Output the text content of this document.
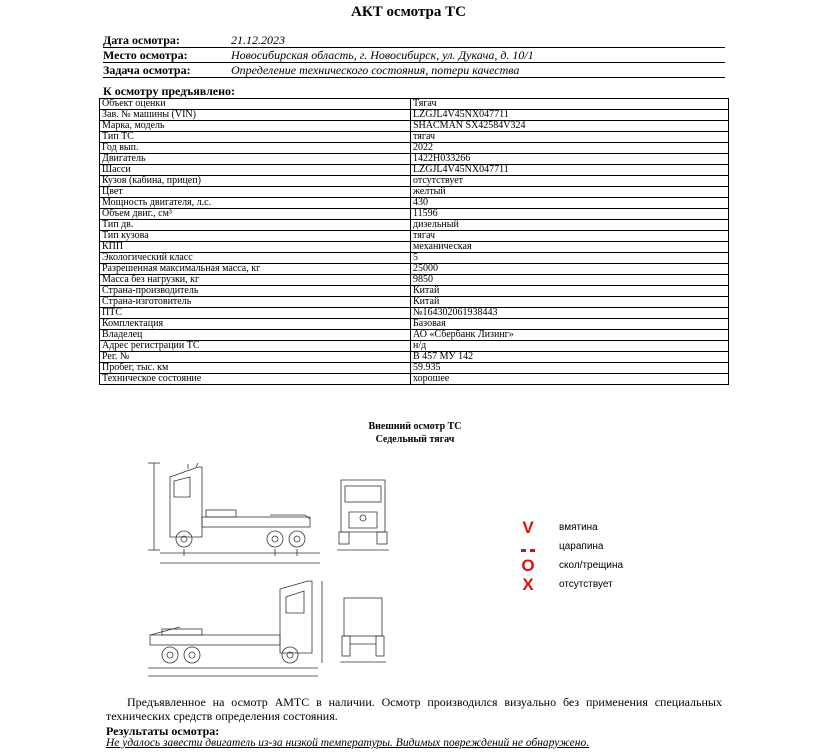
АКТ осмотра ТС
Дата осмотра:	21.12.2023
Место осмотра:	Новосибирская область, г. Новосибирск, ул. Дукача, д. 10/1
Задача осмотра:	Определение технического состояния, потери качества
К осмотру предъявлено:
Объект оценки	Тягач
Зав. № машины (VIN)	LZGJL4V45NX047711
Марка, модель	SHACMAN SX42584V324
Тип ТС	тягач
Год вып.	2022
Двигатель	1422H033266
Шасси	LZGJL4V45NX047711
Кузов (кабина, прицеп)	отсутствует
Цвет	желтый
Мощность двигателя, л.с.	430
Объем двиг., см³	11596
Тип дв.	дизельный
Тип кузова	тягач
КПП	механическая
Экологический класс	5
Разрешенная максимальная масса, кг	25000
Масса без нагрузки, кг	9850
Страна-производитель	Китай
Страна-изготовитель	Китай
ПТС	№164302061938443
Комплектация	Базовая
Владелец	АО «Сбербанк Лизинг»
Адрес регистрации ТС	н/д
Рег. №	В 457 МУ 142
Пробег, тыс. км	59.935
Техническое состояние	хорошее
Внешний осмотр ТС
Седельный тягач
V	вмятина
царапина
O скол/трещина
X	отсутствует
Предъявленное на осмотр АМТС в наличии. Осмотр производился визуально без применения специальных технических средств определения состояния.
Результаты осмотра:
Не удалось завести двигатель из-за низкой температуры. Видимых повреждений не обнаружено.
